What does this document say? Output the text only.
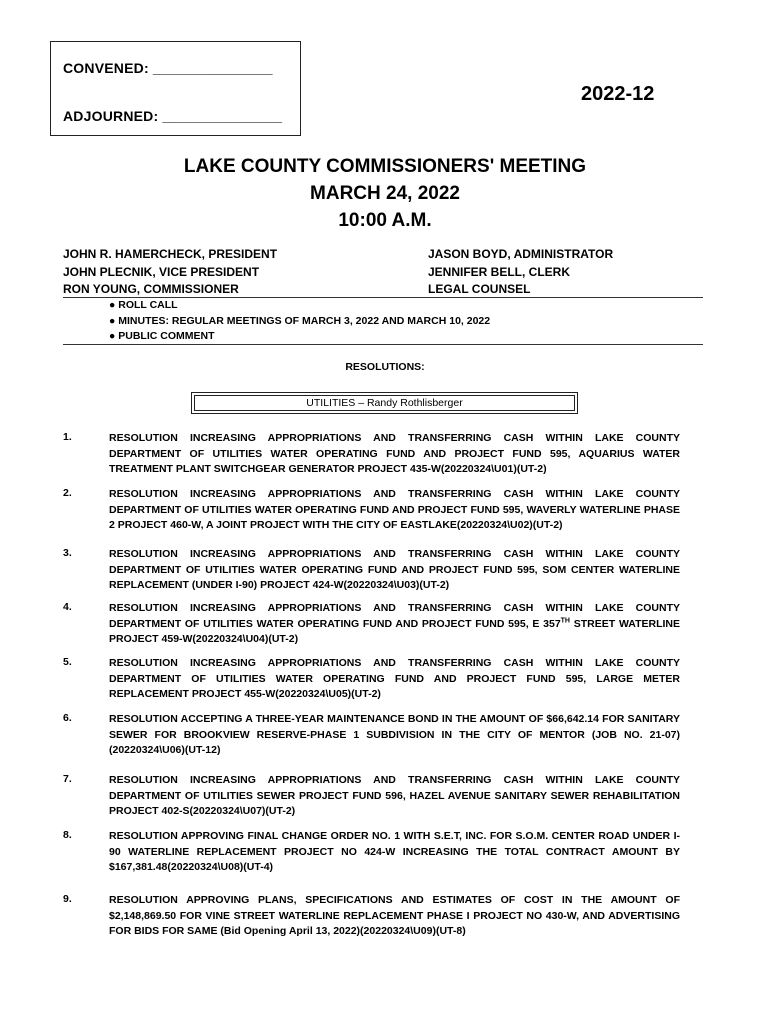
CONVENED: _______________
ADJOURNED: _______________
2022-12
LAKE COUNTY COMMISSIONERS' MEETING
MARCH 24, 2022
10:00 A.M.
JOHN R. HAMERCHECK, PRESIDENT
JOHN PLECNIK, VICE PRESIDENT
RON YOUNG, COMMISSIONER
JASON BOYD, ADMINISTRATOR
JENNIFER BELL, CLERK
LEGAL COUNSEL
● ROLL CALL
● MINUTES: REGULAR MEETINGS OF MARCH 3, 2022 AND MARCH 10, 2022
● PUBLIC COMMENT
RESOLUTIONS:
UTILITIES – Randy Rothlisberger
1.	RESOLUTION INCREASING APPROPRIATIONS AND TRANSFERRING CASH WITHIN LAKE COUNTY DEPARTMENT OF UTILITIES WATER OPERATING FUND AND PROJECT FUND 595, AQUARIUS WATER TREATMENT PLANT SWITCHGEAR GENERATOR PROJECT 435-W(20220324\U01)(UT-2)
2.	RESOLUTION INCREASING APPROPRIATIONS AND TRANSFERRING CASH WITHIN LAKE COUNTY DEPARTMENT OF UTILITIES WATER OPERATING FUND AND PROJECT FUND 595, WAVERLY WATERLINE PHASE 2 PROJECT 460-W, A JOINT PROJECT WITH THE CITY OF EASTLAKE(20220324\U02)(UT-2)
3.	RESOLUTION INCREASING APPROPRIATIONS AND TRANSFERRING CASH WITHIN LAKE COUNTY DEPARTMENT OF UTILITIES WATER OPERATING FUND AND PROJECT FUND 595, SOM CENTER WATERLINE REPLACEMENT (UNDER I-90) PROJECT 424-W(20220324\U03)(UT-2)
4.	RESOLUTION INCREASING APPROPRIATIONS AND TRANSFERRING CASH WITHIN LAKE COUNTY DEPARTMENT OF UTILITIES WATER OPERATING FUND AND PROJECT FUND 595, E 357TH STREET WATERLINE PROJECT 459-W(20220324\U04)(UT-2)
5.	RESOLUTION INCREASING APPROPRIATIONS AND TRANSFERRING CASH WITHIN LAKE COUNTY DEPARTMENT OF UTILITIES WATER OPERATING FUND AND PROJECT FUND 595, LARGE METER REPLACEMENT PROJECT 455-W(20220324\U05)(UT-2)
6.	RESOLUTION ACCEPTING A THREE-YEAR MAINTENANCE BOND IN THE AMOUNT OF $66,642.14 FOR SANITARY SEWER FOR BROOKVIEW RESERVE-PHASE 1 SUBDIVISION IN THE CITY OF MENTOR (JOB NO. 21-07) (20220324\U06)(UT-12)
7.	RESOLUTION INCREASING APPROPRIATIONS AND TRANSFERRING CASH WITHIN LAKE COUNTY DEPARTMENT OF UTILITIES SEWER PROJECT FUND 596, HAZEL AVENUE SANITARY SEWER REHABILITATION PROJECT 402-S(20220324\U07)(UT-2)
8.	RESOLUTION APPROVING FINAL CHANGE ORDER NO. 1 WITH S.E.T, INC. FOR S.O.M. CENTER ROAD UNDER I-90 WATERLINE REPLACEMENT PROJECT NO 424-W INCREASING THE TOTAL CONTRACT AMOUNT BY $167,381.48(20220324\U08)(UT-4)
9.	RESOLUTION APPROVING PLANS, SPECIFICATIONS AND ESTIMATES OF COST IN THE AMOUNT OF $2,148,869.50 FOR VINE STREET WATERLINE REPLACEMENT PHASE I PROJECT NO 430-W, AND ADVERTISING FOR BIDS FOR SAME (Bid Opening April 13, 2022)(20220324\U09)(UT-8)
